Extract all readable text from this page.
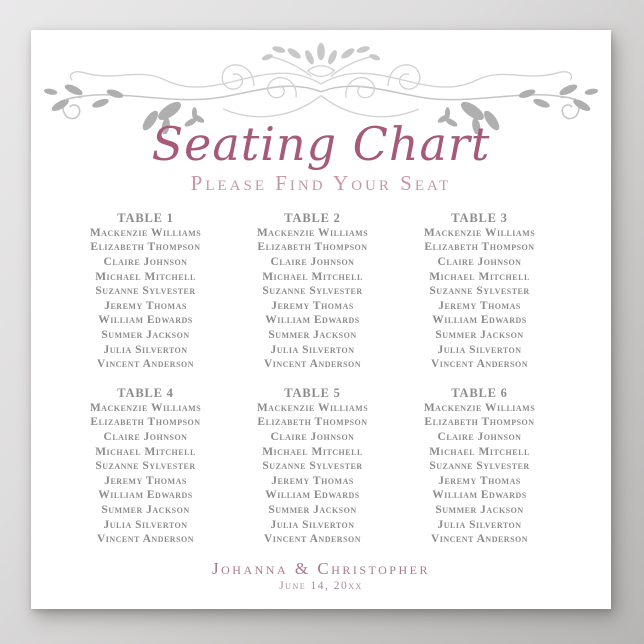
Seating Chart
Please Find Your Seat
TABLE 1
Mackenzie Williams
Elizabeth Thompson
Claire Johnson
Michael Mitchell
Suzanne Sylvester
Jeremy Thomas
William Edwards
Summer Jackson
Julia Silverton
Vincent Anderson
TABLE 2
Mackenzie Williams
Elizabeth Thompson
Claire Johnson
Michael Mitchell
Suzanne Sylvester
Jeremy Thomas
William Edwards
Summer Jackson
Julia Silverton
Vincent Anderson
TABLE 3
Mackenzie Williams
Elizabeth Thompson
Claire Johnson
Michael Mitchell
Suzanne Sylvester
Jeremy Thomas
William Edwards
Summer Jackson
Julia Silverton
Vincent Anderson
TABLE 4
Mackenzie Williams
Elizabeth Thompson
Claire Johnson
Michael Mitchell
Suzanne Sylvester
Jeremy Thomas
William Edwards
Summer Jackson
Julia Silverton
Vincent Anderson
TABLE 5
Mackenzie Williams
Elizabeth Thompson
Claire Johnson
Michael Mitchell
Suzanne Sylvester
Jeremy Thomas
William Edwards
Summer Jackson
Julia Silverton
Vincent Anderson
TABLE 6
Mackenzie Williams
Elizabeth Thompson
Claire Johnson
Michael Mitchell
Suzanne Sylvester
Jeremy Thomas
William Edwards
Summer Jackson
Julia Silverton
Vincent Anderson
Johanna & Christopher
June 14, 20xx
